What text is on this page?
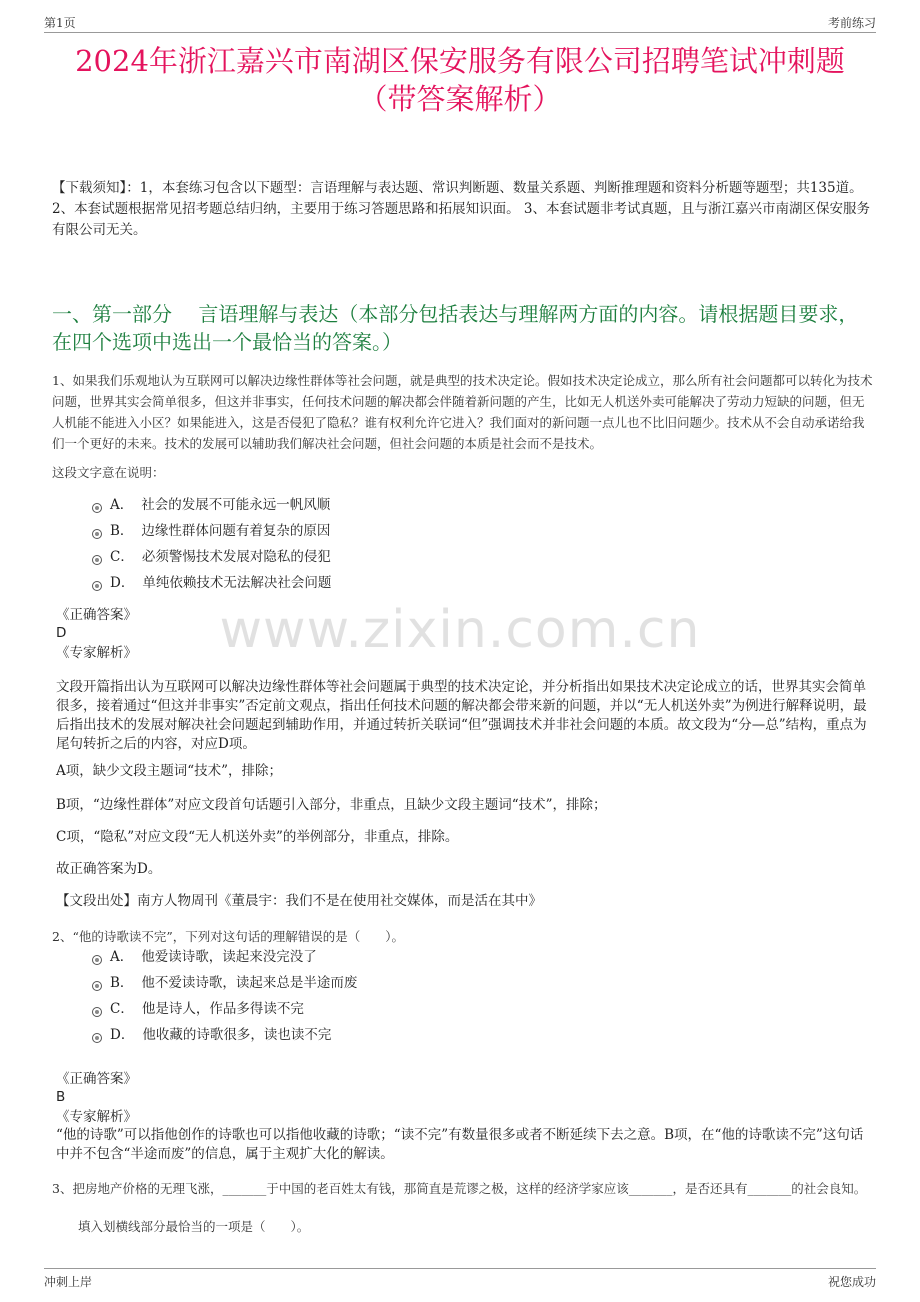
第1页	考前练习
2024年浙江嘉兴市南湖区保安服务有限公司招聘笔试冲刺题
（带答案解析）
【下载须知】：1，本套练习包含以下题型：言语理解与表达题、常识判断题、数量关系题、判断推理题和资料分析题等题型；共135道。 2、本套试题根据常见招考题总结归纳，主要用于练习答题思路和拓展知识面。 3、本套试题非考试真题，且与浙江嘉兴市南湖区保安服务有限公司无关。
一、第一部分　 言语理解与表达（本部分包括表达与理解两方面的内容。请根据题目要求，在四个选项中选出一个最恰当的答案。）
1、如果我们乐观地认为互联网可以解决边缘性群体等社会问题，就是典型的技术决定论。假如技术决定论成立，那么所有社会问题都可以转化为技术问题，世界其实会简单很多，但这并非事实，任何技术问题的解决都会伴随着新问题的产生，比如无人机送外卖可能解决了劳动力短缺的问题，但无人机能不能进入小区？如果能进入，这是否侵犯了隐私？谁有权利允许它进入？我们面对的新问题一点儿也不比旧问题少。技术从不会自动承诺给我们一个更好的未来。技术的发展可以辅助我们解决社会问题，但社会问题的本质是社会而不是技术。
这段文字意在说明：
A． 社会的发展不可能永远一帆风顺
B． 边缘性群体问题有着复杂的原因
C． 必须警惕技术发展对隐私的侵犯
D． 单纯依赖技术无法解决社会问题
《正确答案》
D
《专家解析》	www.zixin.com.cn
文段开篇指出认为互联网可以解决边缘性群体等社会问题属于典型的技术决定论，并分析指出如果技术决定论成立的话，世界其实会简单很多，接着通过“但这并非事实”否定前文观点，指出任何技术问题的解决都会带来新的问题，并以“无人机送外卖”为例进行解释说明，最后指出技术的发展对解决社会问题起到辅助作用，并通过转折关联词“但”强调技术并非社会问题的本质。故文段为“分—总”结构，重点为尾句转折之后的内容，对应D项。
A项，缺少文段主题词“技术”，排除；
B项，“边缘性群体”对应文段首句话题引入部分，非重点，且缺少文段主题词“技术”，排除；
C项，“隐私”对应文段“无人机送外卖”的举例部分，非重点，排除。
故正确答案为D。
【文段出处】南方人物周刊《董晨宇：我们不是在使用社交媒体，而是活在其中》
2、“他的诗歌读不完”，下列对这句话的理解错误的是（　　）。
A． 他爱读诗歌，读起来没完没了
B． 他不爱读诗歌，读起来总是半途而废
C． 他是诗人，作品多得读不完
D． 他收藏的诗歌很多，读也读不完
《正确答案》
B
《专家解析》
“他的诗歌”可以指他创作的诗歌也可以指他收藏的诗歌；“读不完”有数量很多或者不断延续下去之意。B项，在“他的诗歌读不完”这句话中并不包含“半途而废”的信息，属于主观扩大化的解读。
3、把房地产价格的无理飞涨，_______于中国的老百姓太有钱，那简直是荒谬之极，这样的经济学家应该_______，是否还具有_______的社会良知。
填入划横线部分最恰当的一项是（　　）。
冲刺上岸	祝您成功
